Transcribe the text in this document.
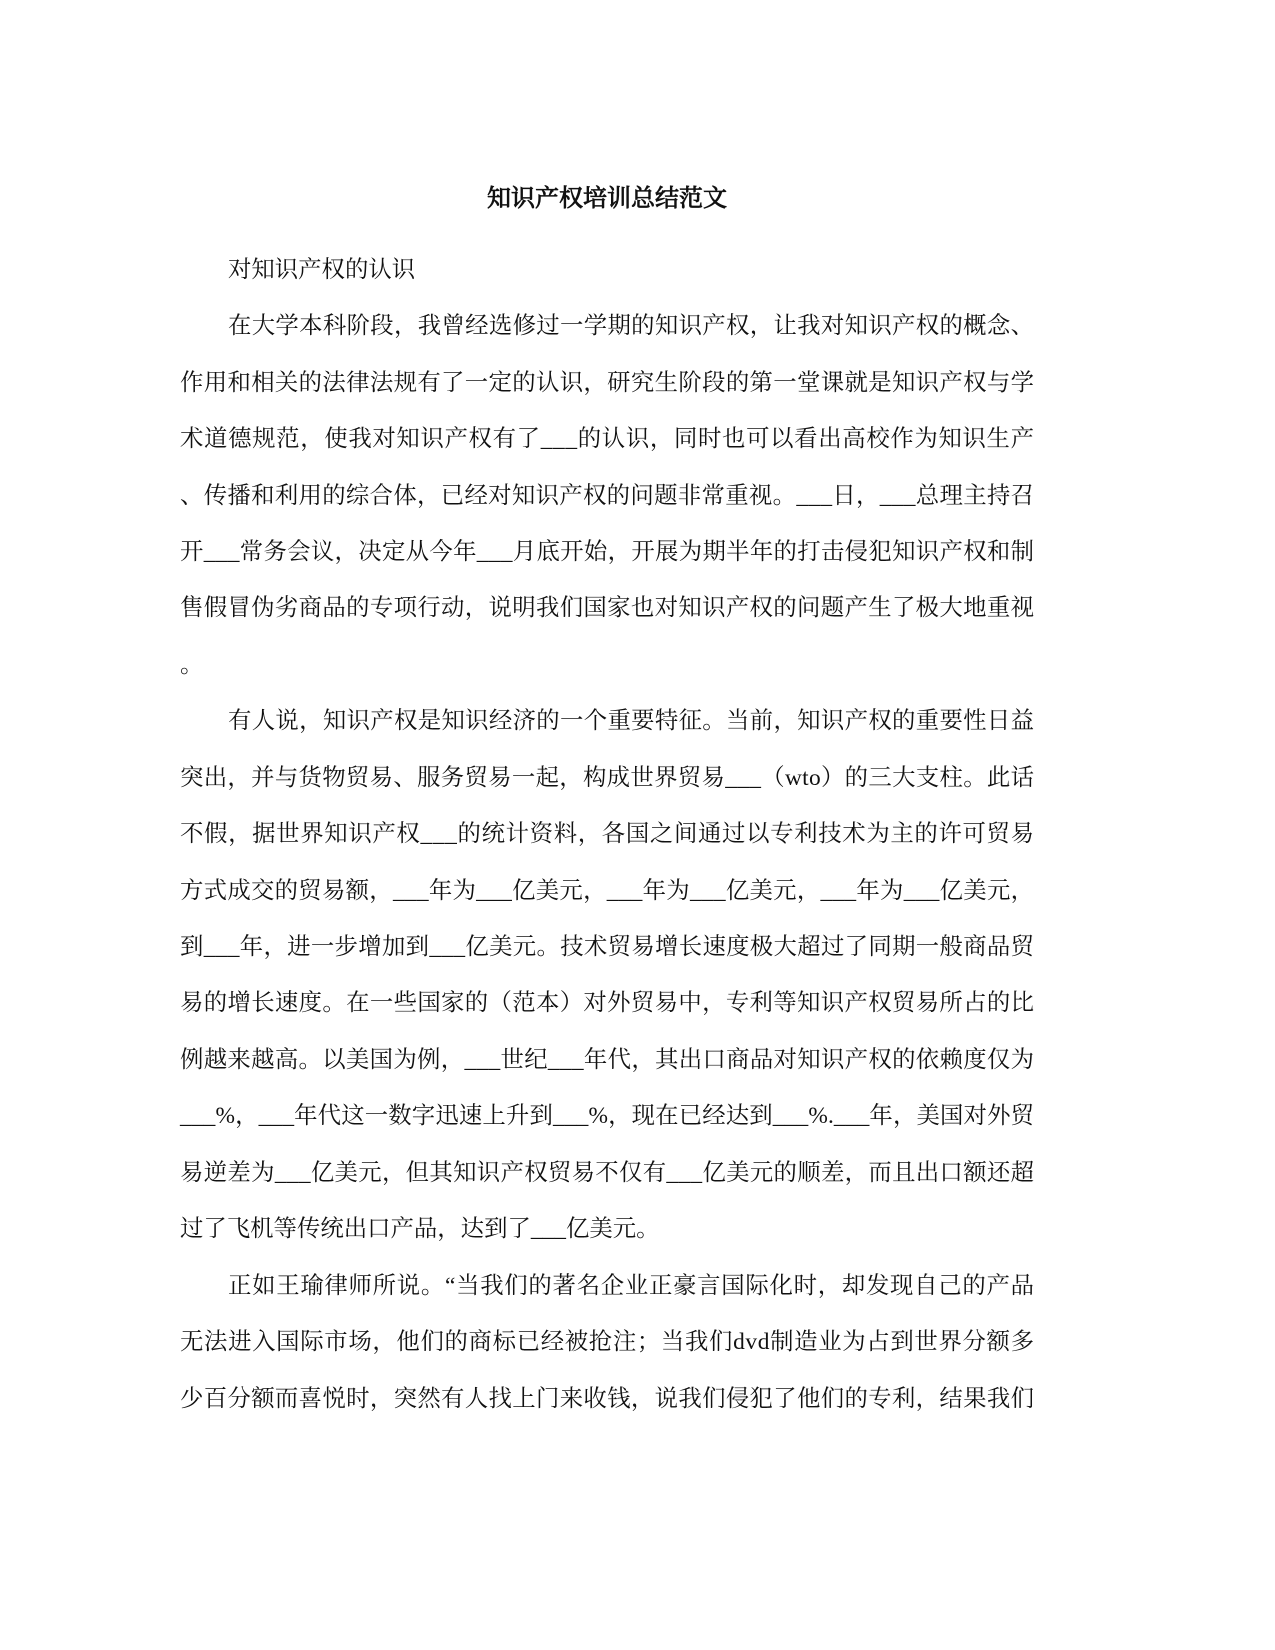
知识产权培训总结范文
对知识产权的认识
在大学本科阶段，我曾经选修过一学期的知识产权，让我对知识产权的概念、
作用和相关的法律法规有了一定的认识，研究生阶段的第一堂课就是知识产权与学
术道德规范，使我对知识产权有了___的认识，同时也可以看出高校作为知识生产
、传播和利用的综合体，已经对知识产权的问题非常重视。___日，___总理主持召
开___常务会议，决定从今年___月底开始，开展为期半年的打击侵犯知识产权和制
售假冒伪劣商品的专项行动，说明我们国家也对知识产权的问题产生了极大地重视
。
有人说，知识产权是知识经济的一个重要特征。当前，知识产权的重要性日益
突出，并与货物贸易、服务贸易一起，构成世界贸易___（wto）的三大支柱。此话
不假，据世界知识产权___的统计资料，各国之间通过以专利技术为主的许可贸易
方式成交的贸易额，___年为___亿美元，___年为___亿美元，___年为___亿美元，
到___年，进一步增加到___亿美元。技术贸易增长速度极大超过了同期一般商品贸
易的增长速度。在一些国家的（范本）对外贸易中，专利等知识产权贸易所占的比
例越来越高。以美国为例，___世纪___年代，其出口商品对知识产权的依赖度仅为
___%，___年代这一数字迅速上升到___%，现在已经达到___%.___年，美国对外贸
易逆差为___亿美元，但其知识产权贸易不仅有___亿美元的顺差，而且出口额还超
过了飞机等传统出口产品，达到了___亿美元。
正如王瑜律师所说。“当我们的著名企业正豪言国际化时，却发现自己的产品
无法进入国际市场，他们的商标已经被抢注；当我们dvd制造业为占到世界分额多
少百分额而喜悦时，突然有人找上门来收钱，说我们侵犯了他们的专利，结果我们
